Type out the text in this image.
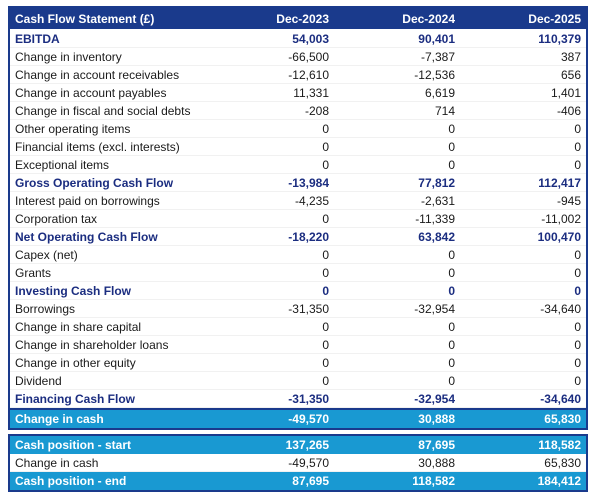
Cash Flow Statement (£)	Dec-2023	Dec-2024	Dec-2025
EBITDA	54,003	90,401	110,379
Change in inventory	-66,500	-7,387	387
Change in account receivables	-12,610	-12,536	656
Change in account payables	11,331	6,619	1,401
Change in fiscal and social debts	-208	714	-406
Other operating items	0	0	0
Financial items (excl. interests)	0	0	0
Exceptional items	0	0	0
Gross Operating Cash Flow	-13,984	77,812	112,417
Interest paid on borrowings	-4,235	-2,631	-945
Corporation tax	0	-11,339	-11,002
Net Operating Cash Flow	-18,220	63,842	100,470
Capex (net)	0	0	0
Grants	0	0	0
Investing Cash Flow	0	0	0
Borrowings	-31,350	-32,954	-34,640
Change in share capital	0	0	0
Change in shareholder loans	0	0	0
Change in other equity	0	0	0
Dividend	0	0	0
Financing Cash Flow	-31,350	-32,954	-34,640
Change in cash	-49,570	30,888	65,830
Cash position - start	137,265	87,695	118,582
Change in cash	-49,570	30,888	65,830
Cash position - end	87,695	118,582	184,412
